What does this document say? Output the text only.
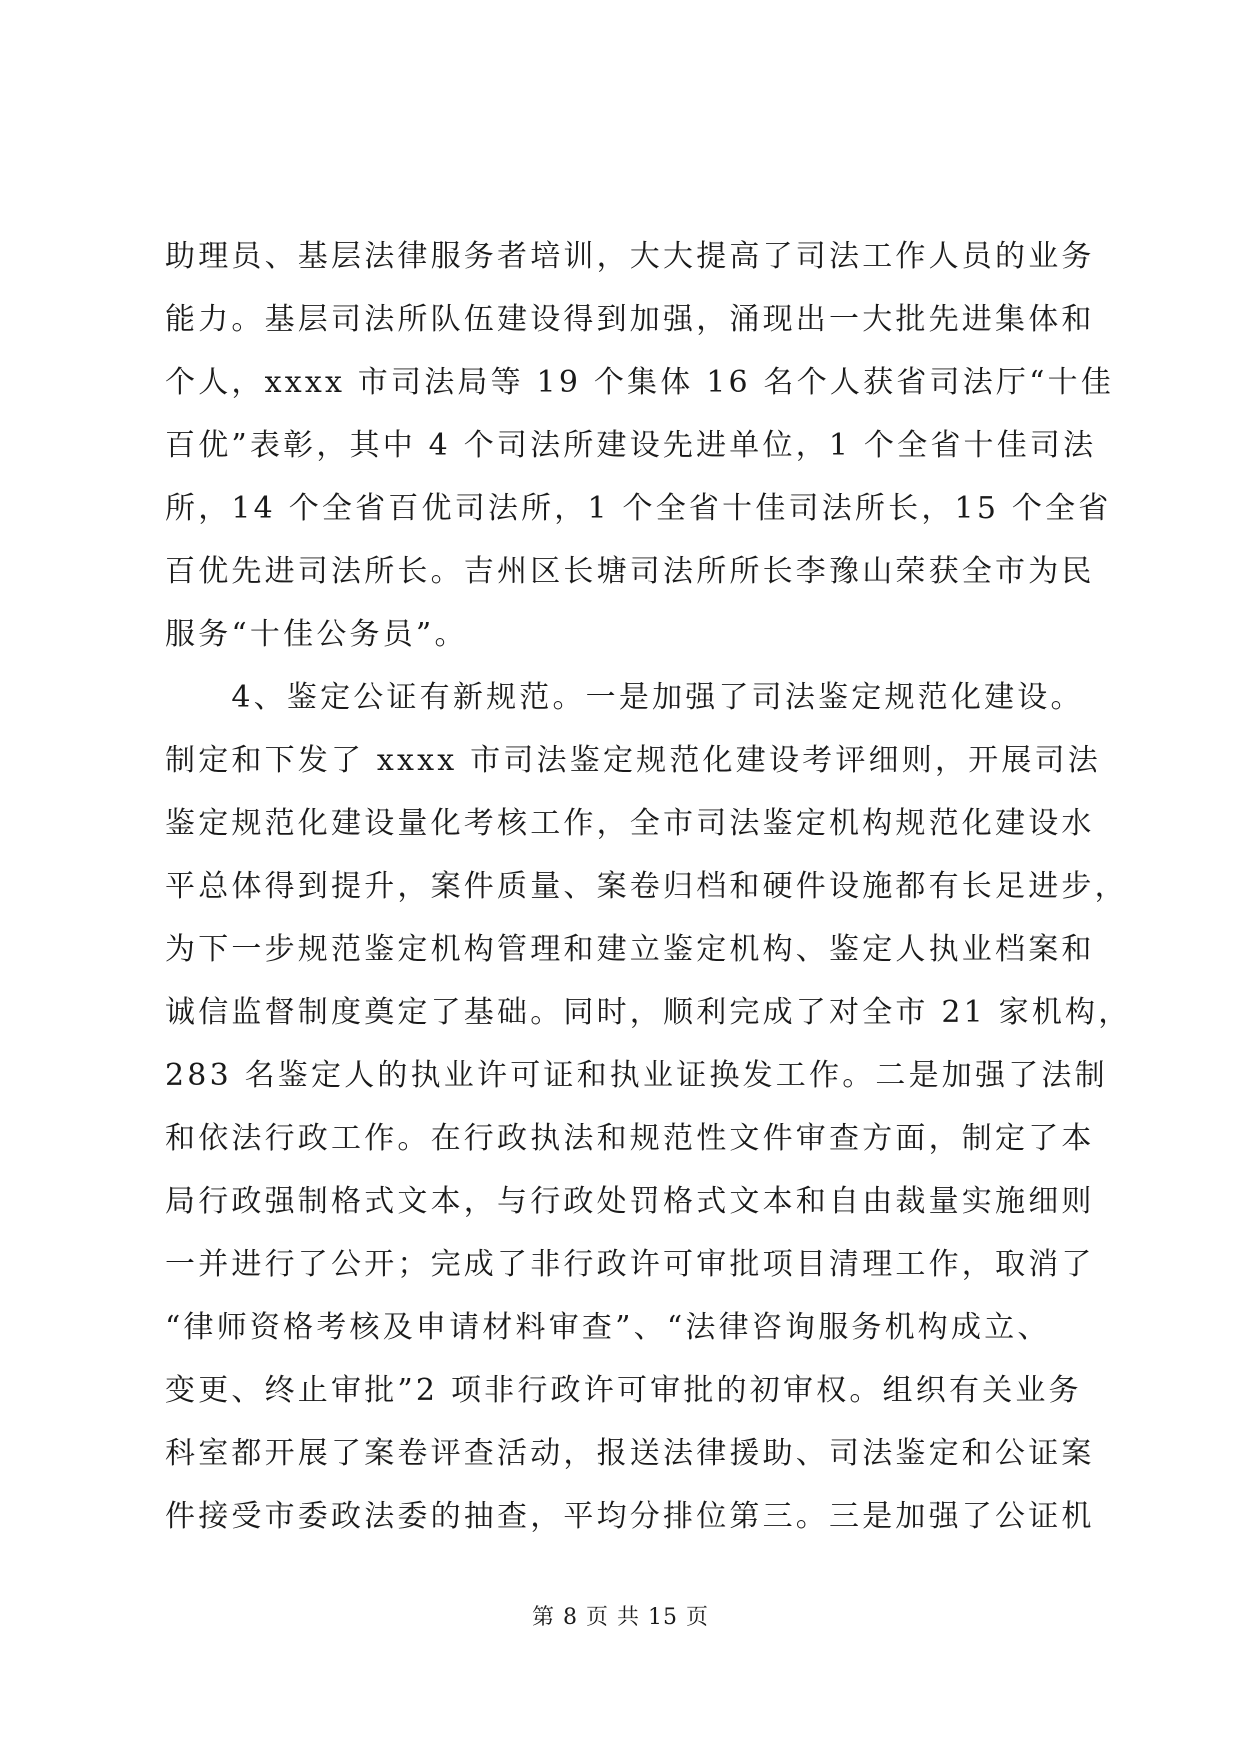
助理员、基层法律服务者培训，大大提高了司法工作人员的业务
能力。基层司法所队伍建设得到加强，涌现出一大批先进集体和
个人，xxxx 市司法局等 19 个集体 16 名个人获省司法厅“十佳
百优”表彰，其中 4 个司法所建设先进单位，1 个全省十佳司法
所，14 个全省百优司法所，1 个全省十佳司法所长，15 个全省
百优先进司法所长。吉州区长塘司法所所长李豫山荣获全市为民
服务“十佳公务员”。
　　4、鉴定公证有新规范。一是加强了司法鉴定规范化建设。
制定和下发了 xxxx 市司法鉴定规范化建设考评细则，开展司法
鉴定规范化建设量化考核工作，全市司法鉴定机构规范化建设水
平总体得到提升，案件质量、案卷归档和硬件设施都有长足进步，
为下一步规范鉴定机构管理和建立鉴定机构、鉴定人执业档案和
诚信监督制度奠定了基础。同时，顺利完成了对全市 21 家机构，
283 名鉴定人的执业许可证和执业证换发工作。二是加强了法制
和依法行政工作。在行政执法和规范性文件审查方面，制定了本
局行政强制格式文本，与行政处罚格式文本和自由裁量实施细则
一并进行了公开；完成了非行政许可审批项目清理工作，取消了
“律师资格考核及申请材料审查”、“法律咨询服务机构成立、
变更、终止审批”2 项非行政许可审批的初审权。组织有关业务
科室都开展了案卷评查活动，报送法律援助、司法鉴定和公证案
件接受市委政法委的抽查，平均分排位第三。三是加强了公证机
第 8 页 共 15 页
